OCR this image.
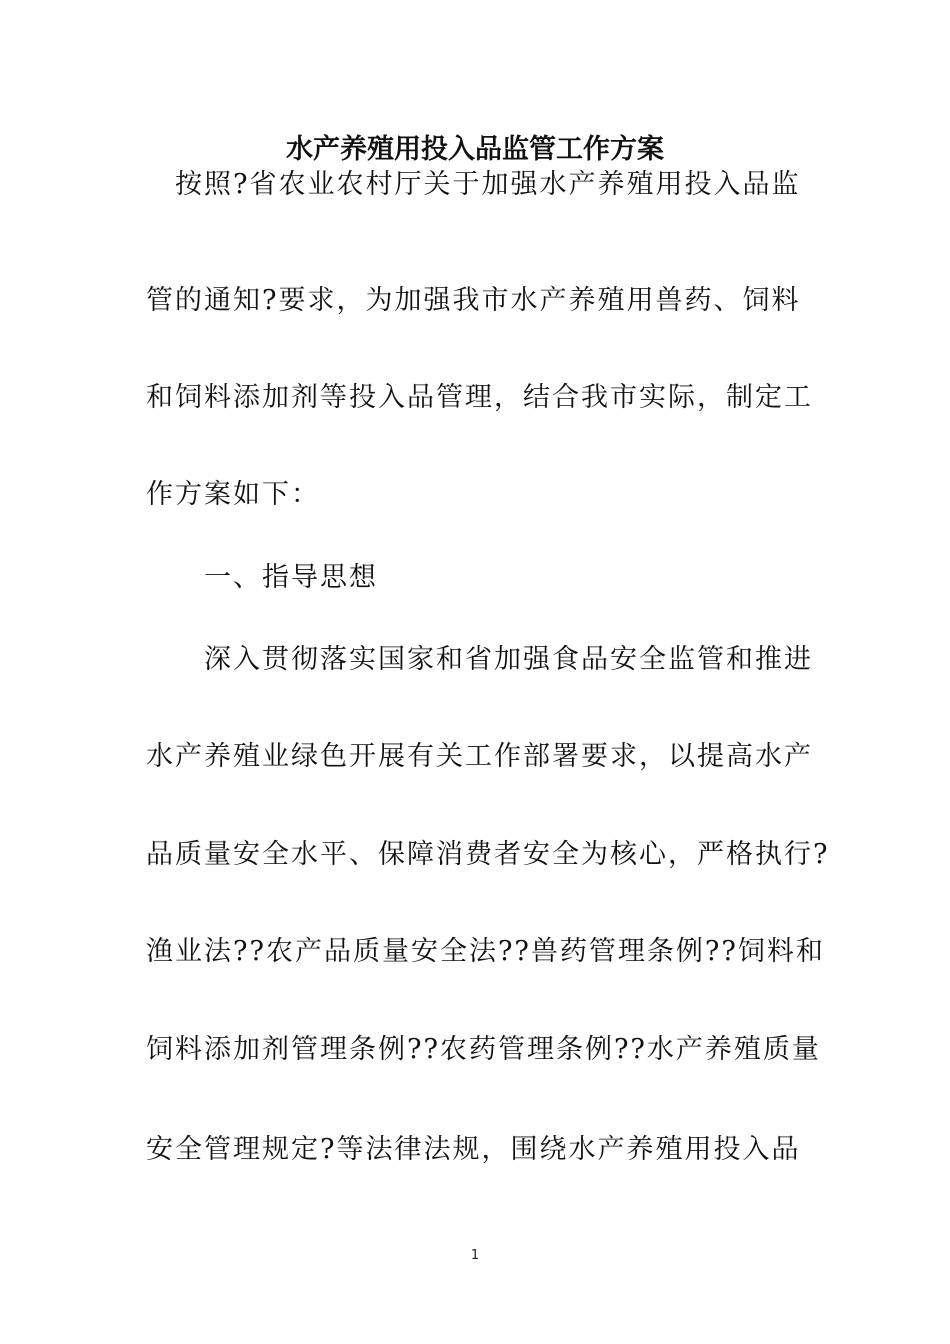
水产养殖用投入品监管工作方案

　按照?省农业农村厅关于加强水产养殖用投入品监

管的通知?要求，为加强我市水产养殖用兽药、饲料

和饲料添加剂等投入品管理，结合我市实际，制定工

作方案如下：

　　一、指导思想

　　深入贯彻落实国家和省加强食品安全监管和推进

水产养殖业绿色开展有关工作部署要求，以提高水产

品质量安全水平、保障消费者安全为核心，严格执行?

渔业法??农产品质量安全法??兽药管理条例??饲料和

饲料添加剂管理条例??农药管理条例??水产养殖质量

安全管理规定?等法律法规，围绕水产养殖用投入品

1
